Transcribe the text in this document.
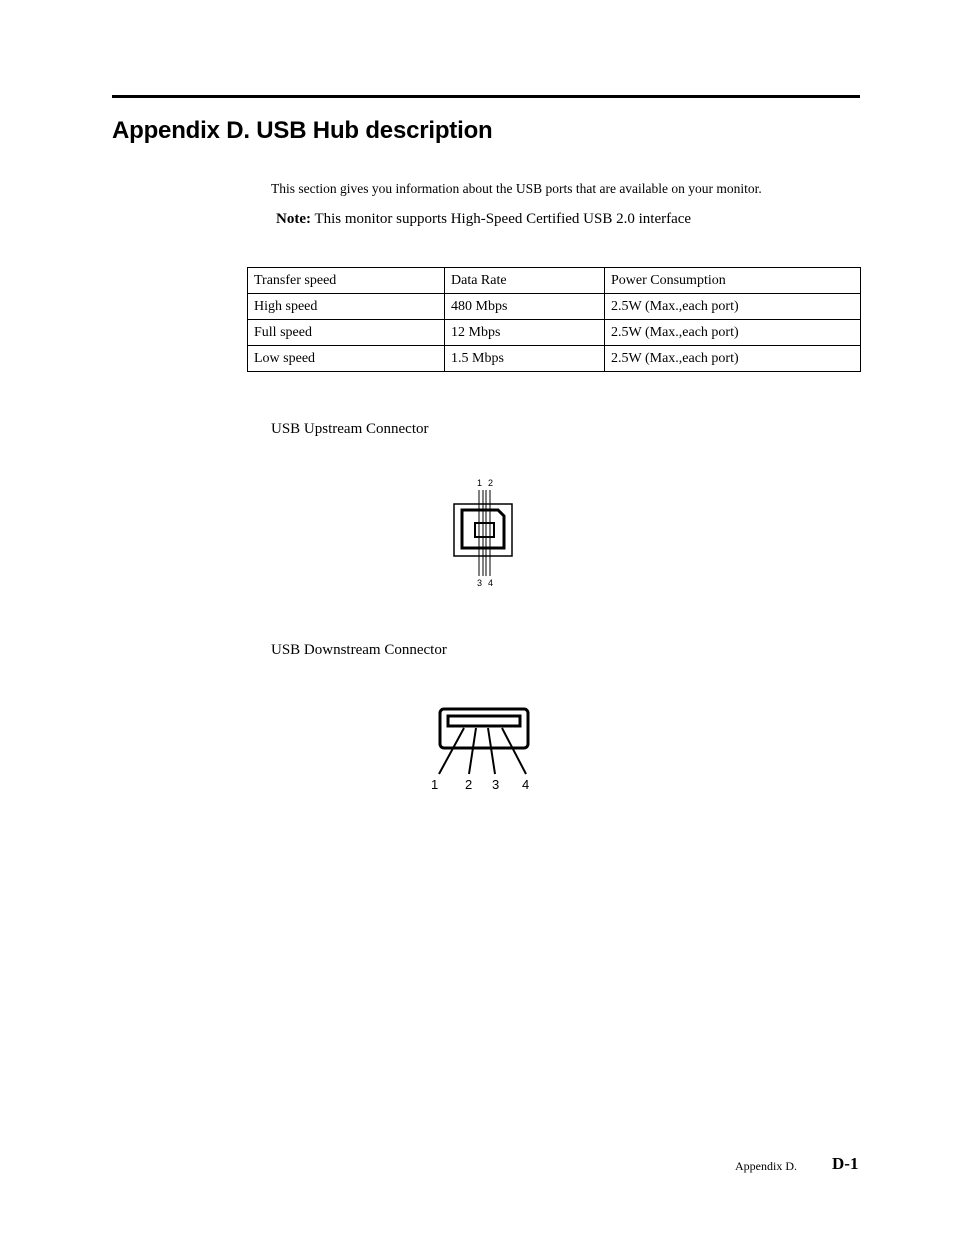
Appendix D. USB Hub description
This section gives you information about the USB ports that are available on your monitor.
Note: This monitor supports High-Speed Certified USB 2.0 interface
Transfer speed	Data Rate	Power Consumption
High speed	480 Mbps	2.5W (Max.,each port)
Full speed	12 Mbps	2.5W (Max.,each port)
Low speed	1.5 Mbps	2.5W (Max.,each port)
USB Upstream Connector
1 2
3 4
USB Downstream Connector
1 2 3 4
Appendix D. D-1
